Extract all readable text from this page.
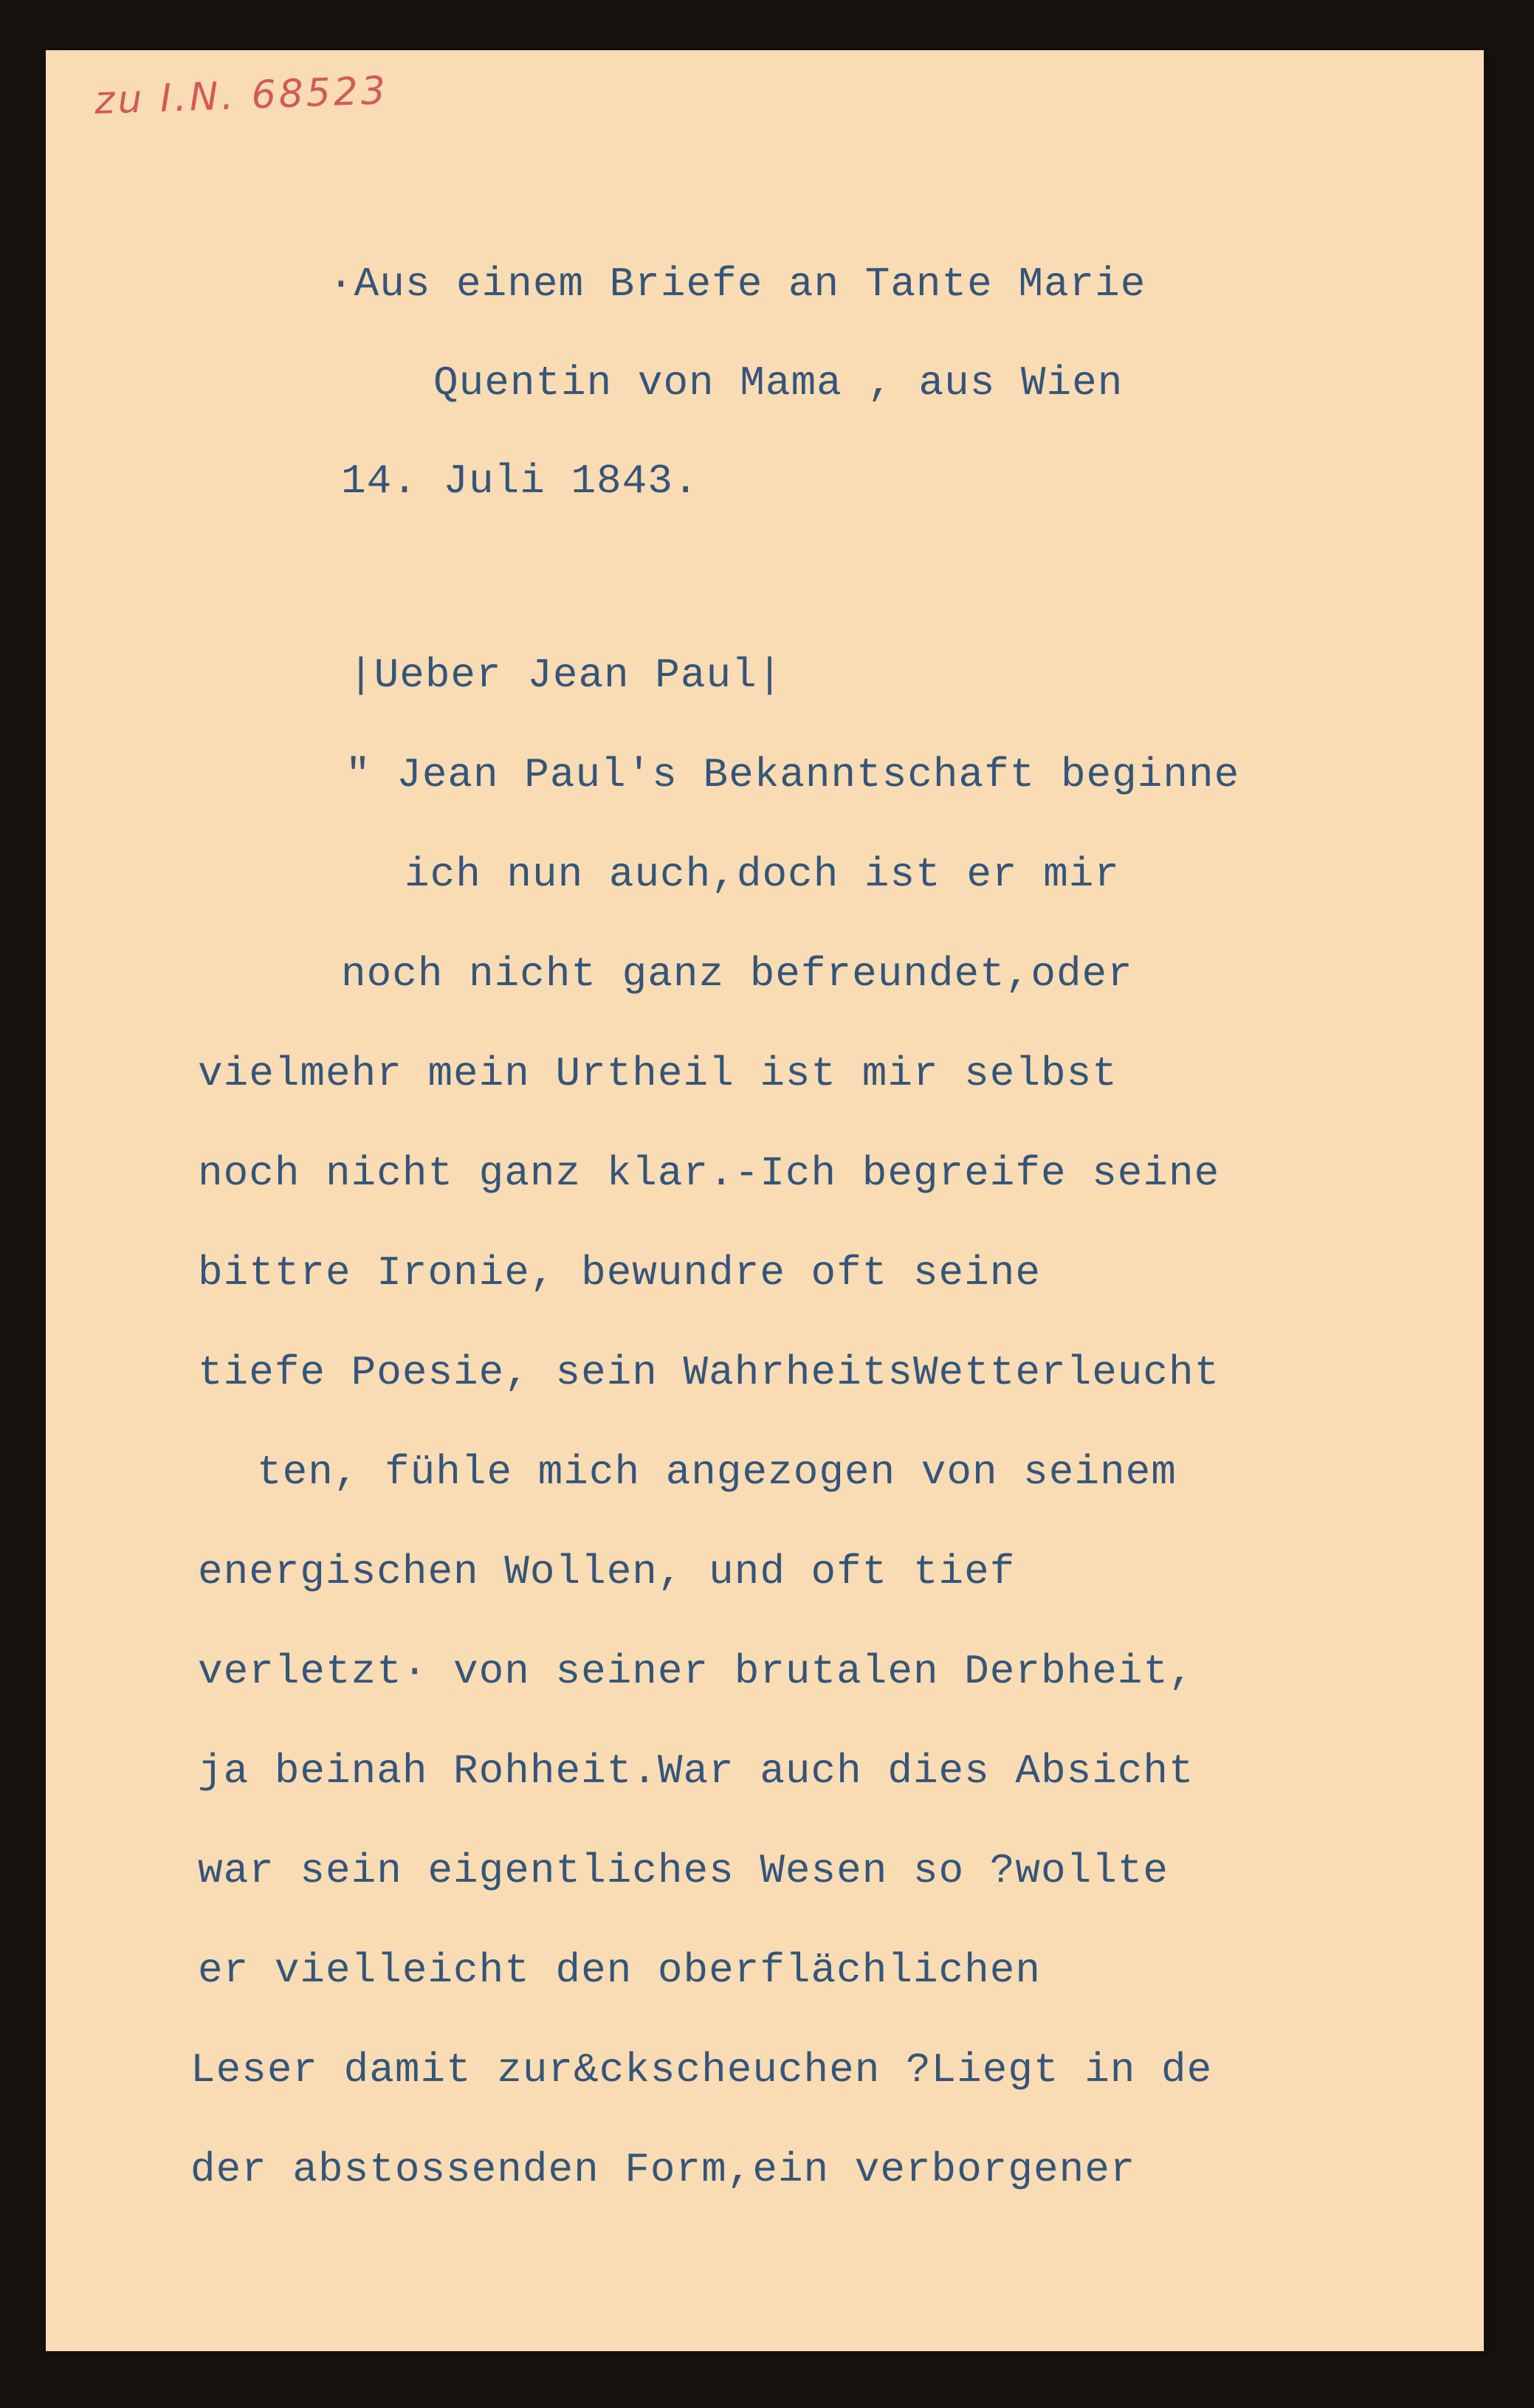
zu I.N. 68523
·Aus einem Briefe an Tante Marie
Quentin von Mama , aus Wien
14. Juli 1843.
|Ueber Jean Paul|
" Jean Paul's Bekanntschaft beginne
ich nun auch,doch ist er mir
noch nicht ganz befreundet,oder
vielmehr mein Urtheil ist mir selbst
noch nicht ganz klar.-Ich begreife seine
bittre Ironie, bewundre oft seine
tiefe Poesie, sein WahrheitsWetterleucht
ten, fühle mich angezogen von seinem
energischen Wollen, und oft tief
verletzt· von seiner brutalen Derbheit,
ja beinah Rohheit.War auch dies Absicht
war sein eigentliches Wesen so ?wollte
er vielleicht den oberflächlichen
Leser damit zur&ckscheuchen ?Liegt in de
der abstossenden Form,ein verborgener
